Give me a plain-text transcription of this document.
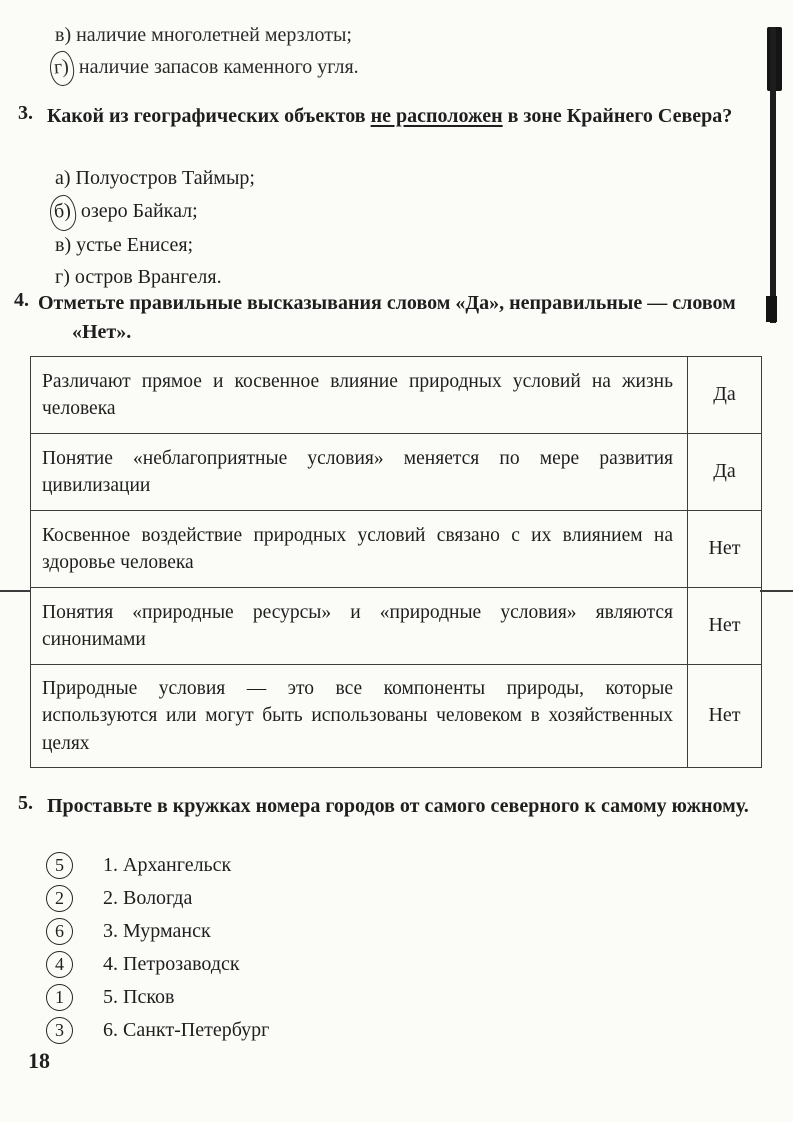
в) наличие многолетней мерзлоты;
г) наличие запасов каменного угля.
3. Какой из географических объектов не расположен в зоне Крайнего Севера?
а) Полуостров Таймыр;
б) озеро Байкал;
в) устье Енисея;
г) остров Врангеля.
4. Отметьте правильные высказывания словом «Да», неправильные — словом «Нет».
Различают прямое и косвенное влияние природных условий на жизнь человека	Да
Понятие «неблагоприятные условия» меняется по мере развития цивилизации	Да
Косвенное воздействие природных условий связано с их влиянием на здоровье человека	Нет
Понятия «природные ресурсы» и «природные условия» являются синонимами	Нет
Природные условия — это все компоненты природы, которые используются или могут быть использованы человеком в хозяйственных целях	Нет
5. Проставьте в кружках номера городов от самого северного к самому южному.
5	1. Архангельск
2	2. Вологда
6	3. Мурманск
4	4. Петрозаводск
1	5. Псков
3	6. Санкт-Петербург
18
